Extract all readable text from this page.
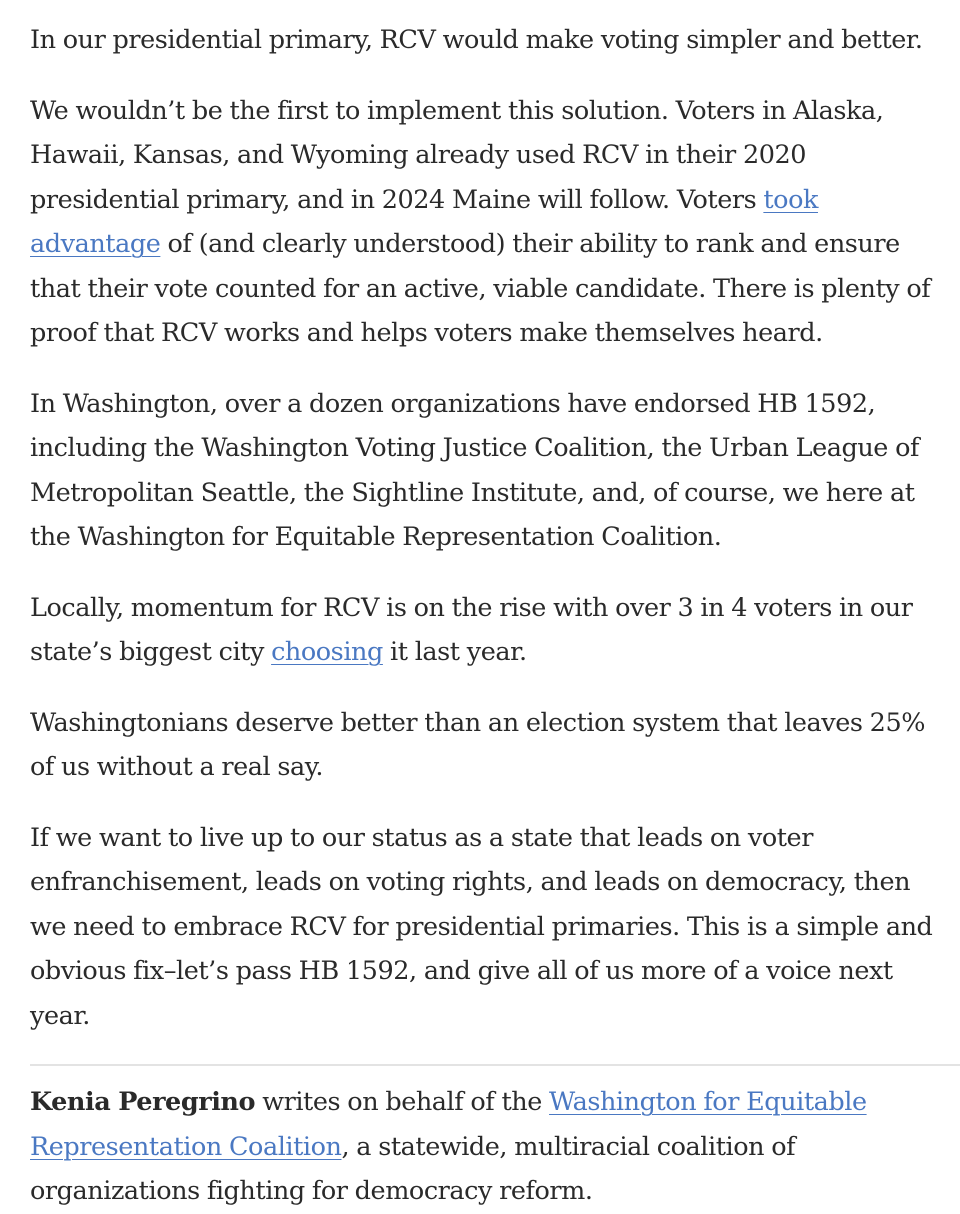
In our presidential primary, RCV would make voting simpler and better.

We wouldn’t be the first to implement this solution. Voters in Alaska, Hawaii, Kansas, and Wyoming already used RCV in their 2020 presidential primary, and in 2024 Maine will follow. Voters took advantage of (and clearly understood) their ability to rank and ensure that their vote counted for an active, viable candidate. There is plenty of proof that RCV works and helps voters make themselves heard.

In Washington, over a dozen organizations have endorsed HB 1592, including the Washington Voting Justice Coalition, the Urban League of Metropolitan Seattle, the Sightline Institute, and, of course, we here at the Washington for Equitable Representation Coalition.

Locally, momentum for RCV is on the rise with over 3 in 4 voters in our state’s biggest city choosing it last year.

Washingtonians deserve better than an election system that leaves 25% of us without a real say.

If we want to live up to our status as a state that leads on voter enfranchisement, leads on voting rights, and leads on democracy, then we need to embrace RCV for presidential primaries. This is a simple and obvious fix–let’s pass HB 1592, and give all of us more of a voice next year.

Kenia Peregrino writes on behalf of the Washington for Equitable Representation Coalition, a statewide, multiracial coalition of organizations fighting for democracy reform.
